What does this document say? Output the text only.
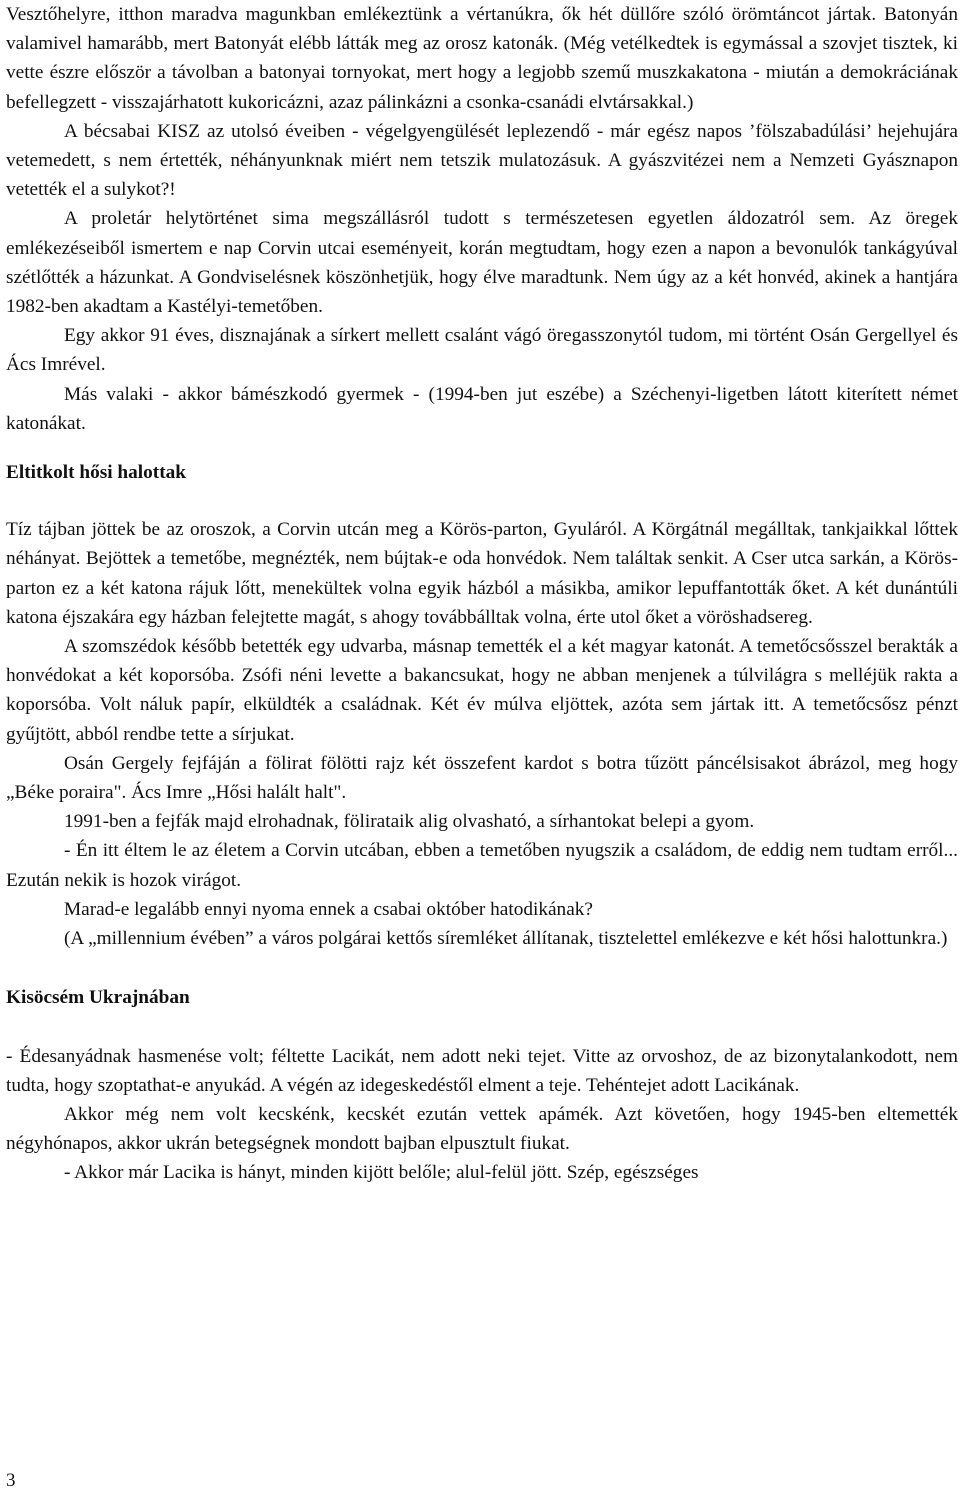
Vesztőhelyre, itthon maradva magunkban emlékeztünk a vértanúkra, ők hét düllőre szóló örömtáncot jártak. Batonyán valamivel hamarább, mert Batonyát elébb látták meg az orosz katonák. (Még vetélkedtek is egymással a szovjet tisztek, ki vette észre először a távolban a batonyai tornyokat, mert hogy a legjobb szemű muszkakatona - miután a demokráciának befellegzett - visszajárhatott kukoricázni, azaz pálinkázni a csonka-csanádi elvtársakkal.)

A bécsabai KISZ az utolsó éveiben - végelgyengülését leplezendő - már egész napos ’fölszabadúlási’ hejehujára vetemedett, s nem értették, néhányunknak miért nem tetszik mulatozásuk. A gyászvitézei nem a Nemzeti Gyásznapon vetették el a sulykot?!

A proletár helytörténet sima megszállásról tudott s természetesen egyetlen áldozatról sem. Az öregek emlékezéseiből ismertem e nap Corvin utcai eseményeit, korán megtudtam, hogy ezen a napon a bevonulók tankágyúval szétlőtték a házunkat. A Gondviselésnek köszönhetjük, hogy élve maradtunk. Nem úgy az a két honvéd, akinek a hantjára 1982-ben akadtam a Kastélyi-temetőben.

Egy akkor 91 éves, disznajának a sírkert mellett csalánt vágó öregasszonytól tudom, mi történt Osán Gergellyel és Ács Imrével.

Más valaki - akkor bámészkodó gyermek - (1994-ben jut eszébe) a Széchenyi-ligetben látott kiterített német katonákat.

Eltitkolt hősi halottak

Tíz tájban jöttek be az oroszok, a Corvin utcán meg a Körös-parton, Gyuláról. A Körgátnál megálltak, tankjaikkal lőttek néhányat. Bejöttek a temetőbe, megnézték, nem bújtak-e oda honvédok. Nem találtak senkit. A Cser utca sarkán, a Körös-parton ez a két katona rájuk lőtt, menekültek volna egyik házból a másikba, amikor lepuffantották őket. A két dunántúli katona éjszakára egy házban felejtette magát, s ahogy továbbálltak volna, érte utol őket a vöröshadsereg.

A szomszédok később betették egy udvarba, másnap temették el a két magyar katonát. A temetőcsősszel berakták a honvédokat a két koporsóba. Zsófi néni levette a bakancsukat, hogy ne abban menjenek a túlvilágra s melléjük rakta a koporsóba. Volt náluk papír, elküldték a családnak. Két év múlva eljöttek, azóta sem jártak itt. A temetőcsősz pénzt gyűjtött, abból rendbe tette a sírjukat.

Osán Gergely fejfáján a fölirat fölötti rajz két összefent kardot s botra tűzött páncélsisakot ábrázol, meg hogy „Béke porairа". Ács Imre „Hősi halált halt".

1991-ben a fejfák majd elrohadnak, fölirataik alig olvasható, a sírhantokat belepi a gyom.

- Én itt éltem le az életem a Corvin utcában, ebben a temetőben nyugszik a családom, de eddig nem tudtam erről... Ezután nekik is hozok virágot.

Marad-e legalább ennyi nyoma ennek a csabai október hatodikának?

(A „millennium évében” a város polgárai kettős síremléket állítanak, tisztelettel emlékezve e két hősi halottunkra.)

Kisöcsém Ukrajnában

- Édesanyádnak hasmenése volt; féltette Lacikát, nem adott neki tejet. Vitte az orvoshoz, de az bizonytalankodott, nem tudta, hogy szoptathat-e anyukád. A végén az idegeskedéstől elment a teje. Tehéntejet adott Lacikának.

Akkor még nem volt kecskénk, kecskét ezután vettek apámék. Azt követően, hogy 1945-ben eltemették négyhónapos, akkor ukrán betegségnek mondott bajban elpusztult fiukat.

- Akkor már Lacika is hányt, minden kijött belőle; alul-felül jött. Szép, egészséges

3
